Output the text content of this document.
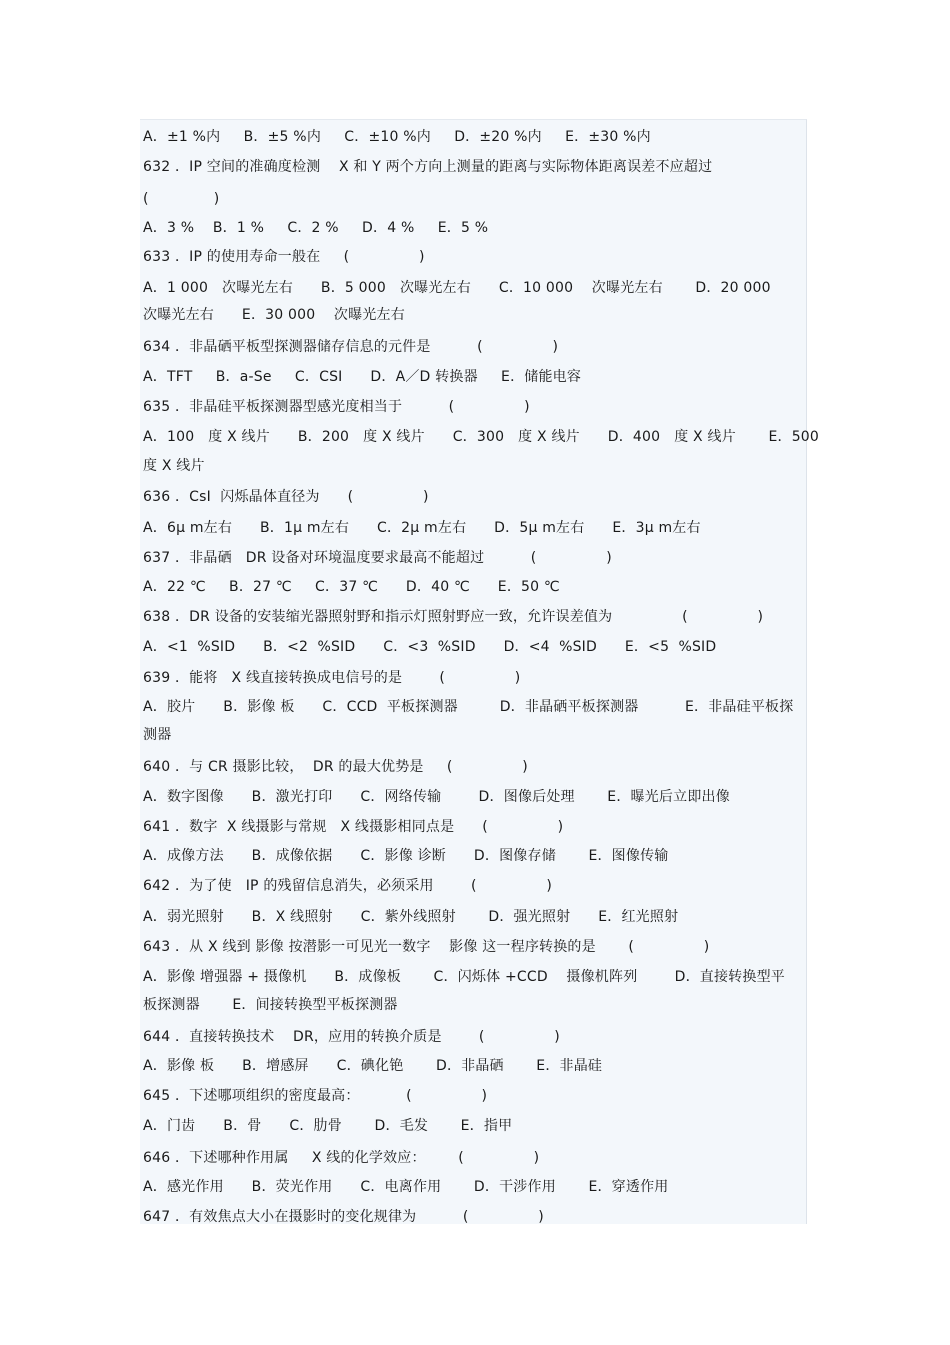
A．±1 %内     B．±5 %内     C．±10 %内     D．±20 %内     E．±30 %内
632 ．IP 空间的准确度检测    X 和 Y 两个方向上测量的距离与实际物体距离误差不应超过
(              )
A．3 %    B．1 %     C．2 %     D．4 %     E．5 %
633 ．IP 的使用寿命一般在     (               )
A．1 000   次曝光左右      B．5 000   次曝光左右      C．10 000    次曝光左右       D．20 000
次曝光左右      E．30 000    次曝光左右
634 ．非晶硒平板型探测器储存信息的元件是          (               )
A．TFT     B．a-Se     C．CSI      D．A／D 转换器     E．储能电容
635 ．非晶硅平板探测器型感光度相当于          (               )
A．100   度 X 线片      B．200   度 X 线片      C．300   度 X 线片      D．400   度 X 线片       E．500
度 X 线片
636 ．CsI  闪烁晶体直径为      (               )
A．6μ m左右      B．1μ m左右      C．2μ m左右      D．5μ m左右      E．3μ m左右
637 ．非晶硒   DR 设备对环境温度要求最高不能超过          (               )
A．22 ℃     B．27 ℃     C．37 ℃      D．40 ℃      E．50 ℃
638 ．DR 设备的安装缩光器照射野和指示灯照射野应一致，允许误差值为               (               )
A．<1  %SID      B．<2  %SID      C．<3  %SID      D．<4  %SID      E．<5  %SID
639 ．能将   X 线直接转换成电信号的是        (               )
A．胶片      B．影像 板      C．CCD  平板探测器         D．非晶硒平板探测器          E．非晶硅平板探
测器
640 ．与 CR 摄影比较，  DR 的最大优势是     (               )
A．数字图像      B．激光打印      C．网络传输        D．图像后处理       E．曝光后立即出像
641 ．数字  X 线摄影与常规   X 线摄影相同点是      (               )
A．成像方法      B．成像依据      C．影像 诊断      D．图像存储       E．图像传输
642 ．为了使   IP 的残留信息消失，必须采用        (               )
A．弱光照射      B．X 线照射      C．紫外线照射       D．强光照射      E．红光照射
643 ．从 X 线到 影像 按潜影一可见光一数字    影像 这一程序转换的是       (               )
A．影像 增强器 + 摄像机      B．成像板       C．闪烁体 +CCD    摄像机阵列        D．直接转换型平
板探测器       E．间接转换型平板探测器
644 ．直接转换技术    DR，应用的转换介质是        (               )
A．影像 板      B．增感屏      C．碘化铯       D．非晶硒       E．非晶硅
645 ．下述哪项组织的密度最高：          (               )
A．门齿      B．骨      C．肋骨       D．毛发       E．指甲
646 ．下述哪种作用属     X 线的化学效应：       (               )
A．感光作用      B．荧光作用      C．电离作用       D．干涉作用       E．穿透作用
647 ．有效焦点大小在摄影时的变化规律为          (               )
